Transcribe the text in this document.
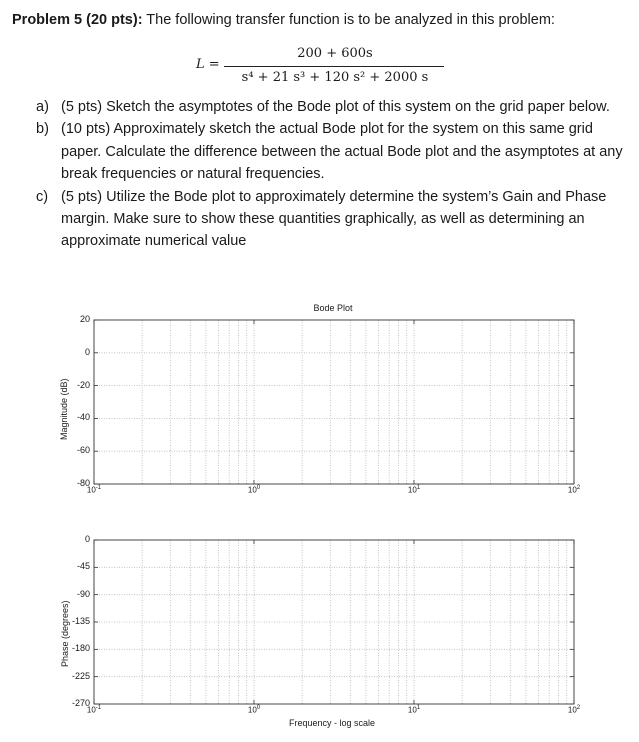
Problem 5 (20 pts): The following transfer function is to be analyzed in this problem:
L =
200 + 600s
s⁴ + 21 s³ + 120 s² + 2000 s
a) (5 pts) Sketch the asymptotes of the Bode plot of this system on the grid paper below.
b) (10 pts) Approximately sketch the actual Bode plot for the system on this same grid paper. Calculate the difference between the actual Bode plot and the asymptotes at any break frequencies or natural frequencies.
c) (5 pts) Utilize the Bode plot to approximately determine the system’s Gain and Phase margin. Make sure to show these quantities graphically, as well as determining an approximate numerical value
Bode Plot
Magnitude (dB)
20
0
-20
-40
-60
-80
$10^{-1}$	$10^0$	$10^1$	$10^2$
Phase (degrees)
0
-45
-90
-135
-180
-225
-270
$10^{-1}$	$10^0$	$10^1$	$10^2$
Frequency - log scale
